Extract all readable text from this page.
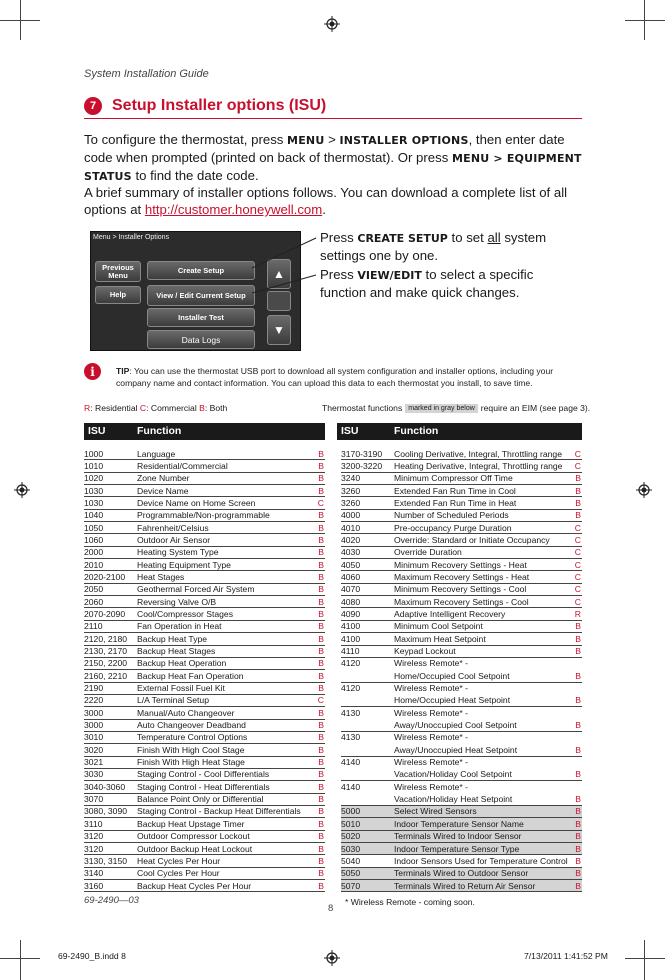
System Installation Guide
7 Setup Installer options (ISU)
To configure the thermostat, press MENU > INSTALLER OPTIONS, then enter date code when prompted (printed on back of thermostat). Or press MENU > EQUIPMENT STATUS to find the date code.
A brief summary of installer options follows. You can download a complete list of all options at http://customer.honeywell.com.
Menu > Installer Options
Previous Menu
Help
Create Setup
View / Edit Current Setup
Installer Test
Data Logs
▲
▼
Press CREATE SETUP to set all system settings one by one.
Press VIEW/EDIT to select a specific function and make quick changes.
i	TIP: You can use the thermostat USB port to download all system configuration and installer options, including your company name and contact information. You can upload this data to each thermostat you install, to save time.
R: Residential C: Commercial B: Both	Thermostat functions marked in gray below require an EIM (see page 3).
ISU	Function	ISU	Function
1000	Language	B
1010	Residential/Commercial	B
1020	Zone Number	B
1030	Device Name	B
1030	Device Name on Home Screen	C
1040	Programmable/Non-programmable	B
1050	Fahrenheit/Celsius	B
1060	Outdoor Air Sensor	B
2000	Heating System Type	B
2010	Heating Equipment Type	B
2020-2100 Heat Stages	B
2050	Geothermal Forced Air System	B
2060	Reversing Valve O/B	B
2070-2090 Cool/Compressor Stages	B
2110	Fan Operation in Heat	B
2120, 2180 Backup Heat Type	B
2130, 2170 Backup Heat Stages	B
2150, 2200 Backup Heat Operation	B
2160, 2210 Backup Heat Fan Operation	B
2190	External Fossil Fuel Kit	B
2220	L/A Terminal Setup	C
3000	Manual/Auto Changeover	B
3000	Auto Changeover Deadband	B
3010	Temperature Control Options	B
3020	Finish With High Cool Stage	B
3021	Finish With High Heat Stage	B
3030	Staging Control - Cool Differentials	B
3040-3060 Staging Control - Heat Differentials	B
3070	Balance Point Only or Differential	B
3080, 3090 Staging Control - Backup Heat Differentials B
3110	Backup Heat Upstage Timer	B
3120	Outdoor Compressor Lockout	B
3120	Outdoor Backup Heat Lockout	B
3130, 3150 Heat Cycles Per Hour	B
3140	Cool Cycles Per Hour	B
3160	Backup Heat Cycles Per Hour	B
3170-3190 Cooling Derivative, Integral, Throttling range C
3200-3220 Heating Derivative, Integral, Throttling range C
3240	Minimum Compressor Off Time	B
3260	Extended Fan Run Time in Cool	B
3260	Extended Fan Run Time in Heat	B
4000	Number of Scheduled Periods	B
4010	Pre-occupancy Purge Duration	C
4020	Override: Standard or Initiate Occupancy	C
4030	Override Duration	C
4050	Minimum Recovery Settings - Heat	C
4060	Maximum Recovery Settings - Heat	C
4070	Minimum Recovery Settings - Cool	C
4080	Maximum Recovery Settings - Cool	C
4090	Adaptive Intelligent Recovery	R
4100	Minimum Cool Setpoint	B
4100	Maximum Heat Setpoint	B
4110	Keypad Lockout	B
4120	Wireless Remote* -
Home/Occupied Cool Setpoint	B
4120	Wireless Remote* -
Home/Occupied Heat Setpoint	B
4130	Wireless Remote* -
Away/Unoccupied Cool Setpoint	B
4130	Wireless Remote* -
Away/Unoccupied Heat Setpoint	B
4140	Wireless Remote* -
Vacation/Holiday Cool Setpoint	B
4140	Wireless Remote* -
Vacation/Holiday Heat Setpoint	B
5000	Select Wired Sensors	B
5010	Indoor Temperature Sensor Name	B
5020	Terminals Wired to Indoor Sensor	B
5030	Indoor Temperature Sensor Type	B
5040	Indoor Sensors Used for Temperature Control B
5050	Terminals Wired to Outdoor Sensor	B
5070	Terminals Wired to Return Air Sensor	B
69-2490—03
8
* Wireless Remote - coming soon.
69-2490_B.indd 8	7/13/2011 1:41:52 PM
